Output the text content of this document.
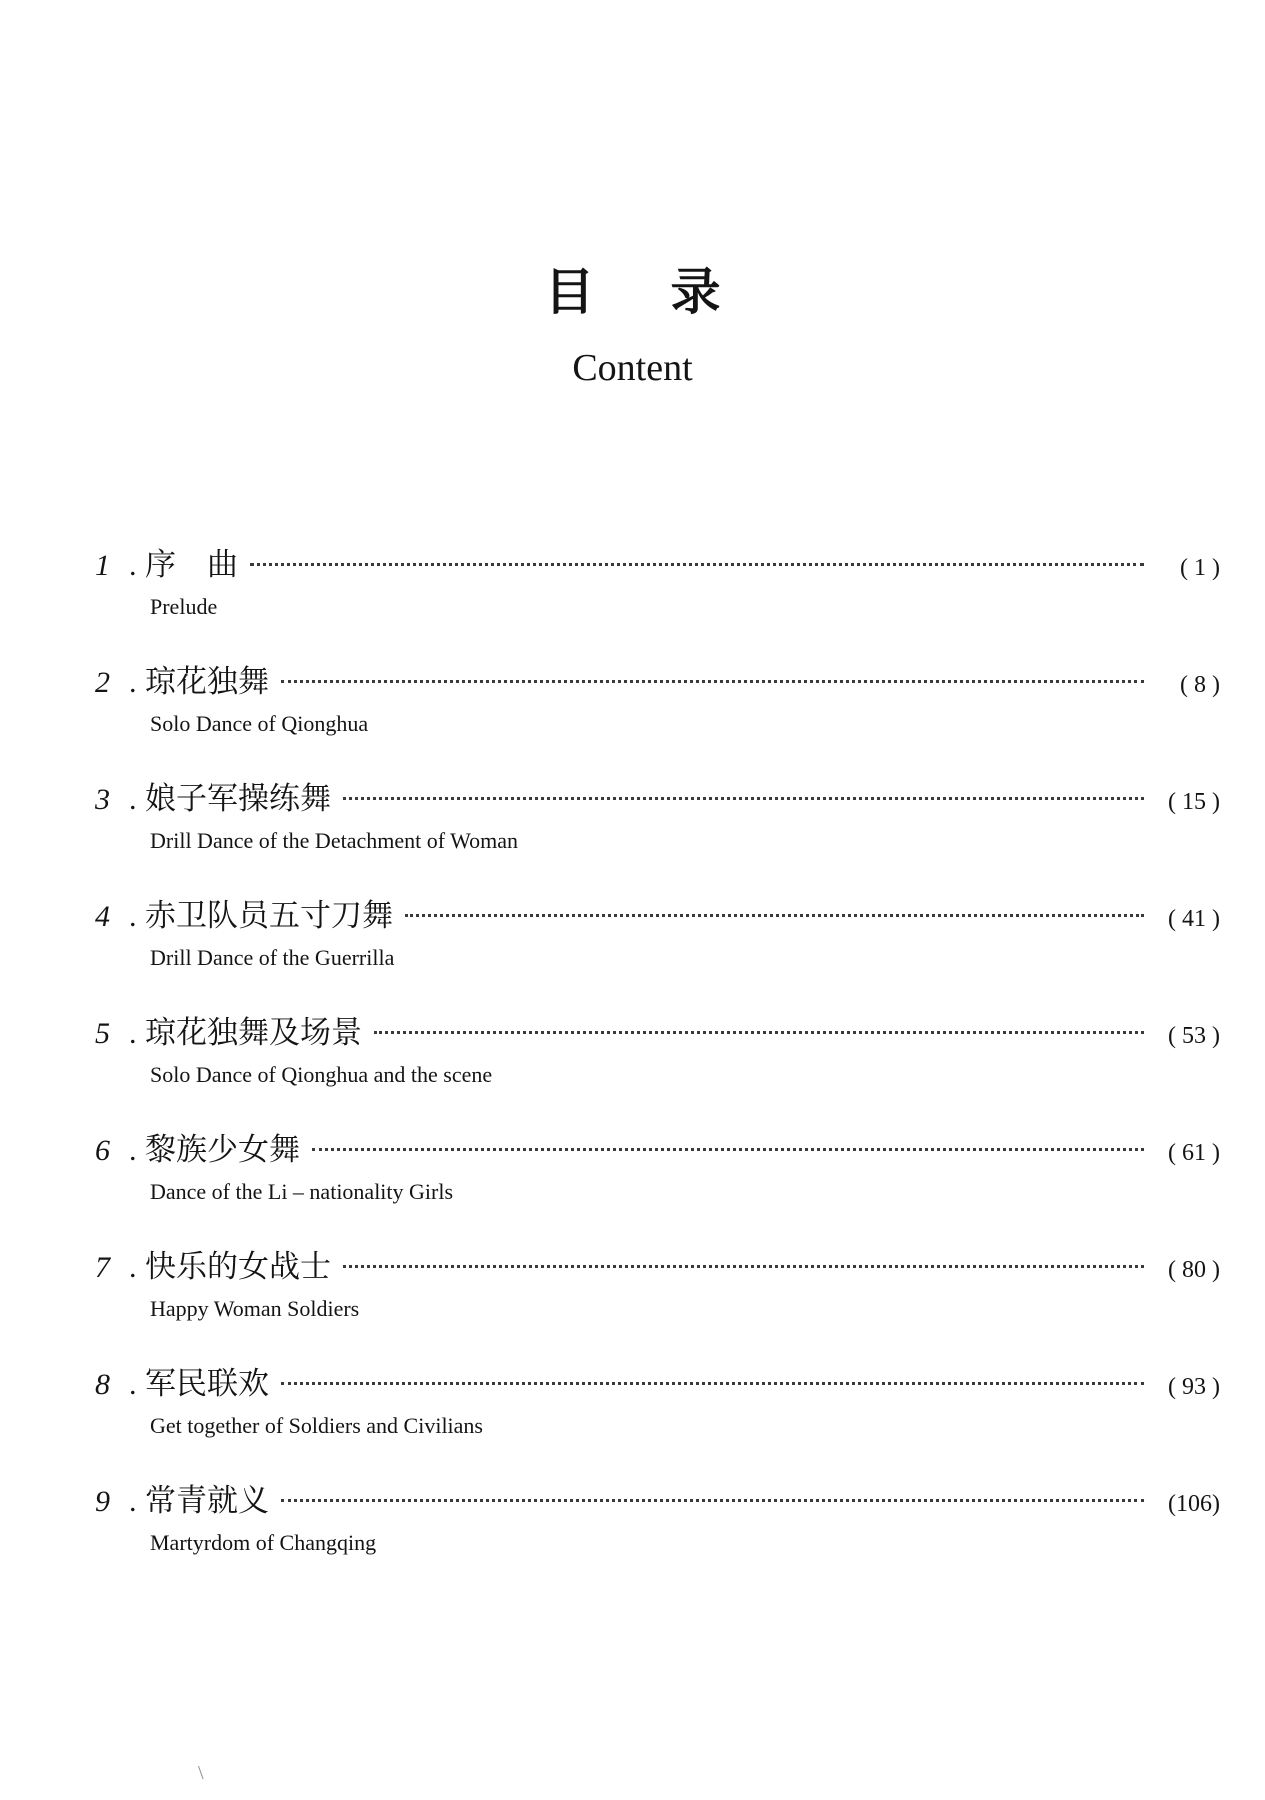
目录
Content
1 . 序　曲	( 1 )
Prelude
2 . 琼花独舞	( 8 )
Solo Dance of Qionghua
3 . 娘子军操练舞	( 15 )
Drill Dance of the Detachment of Woman
4 . 赤卫队员五寸刀舞	( 41 )
Drill Dance of the Guerrilla
5 . 琼花独舞及场景	( 53 )
Solo Dance of Qionghua and the scene
6 . 黎族少女舞	( 61 )
Dance of the Li – nationality Girls
7 . 快乐的女战士	( 80 )
Happy Woman Soldiers
8 . 军民联欢	( 93 )
Get together of Soldiers and Civilians
9 . 常青就义	(106)
Martyrdom of Changqing
\
